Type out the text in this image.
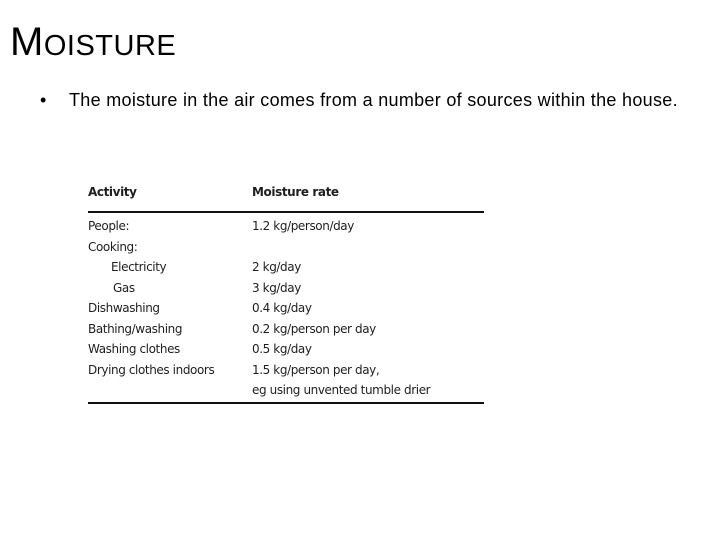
MOISTURE
• The moisture in the air comes from a number of sources within the house.
Activity	Moisture rate
People:	1.2 kg/person/day
Cooking:	
Electricity	2 kg/day
Gas	3 kg/day
Dishwashing	0.4 kg/day
Bathing/washing	0.2 kg/person per day
Washing clothes	0.5 kg/day
Drying clothes indoors	1.5 kg/person per day,
eg using unvented tumble drier
